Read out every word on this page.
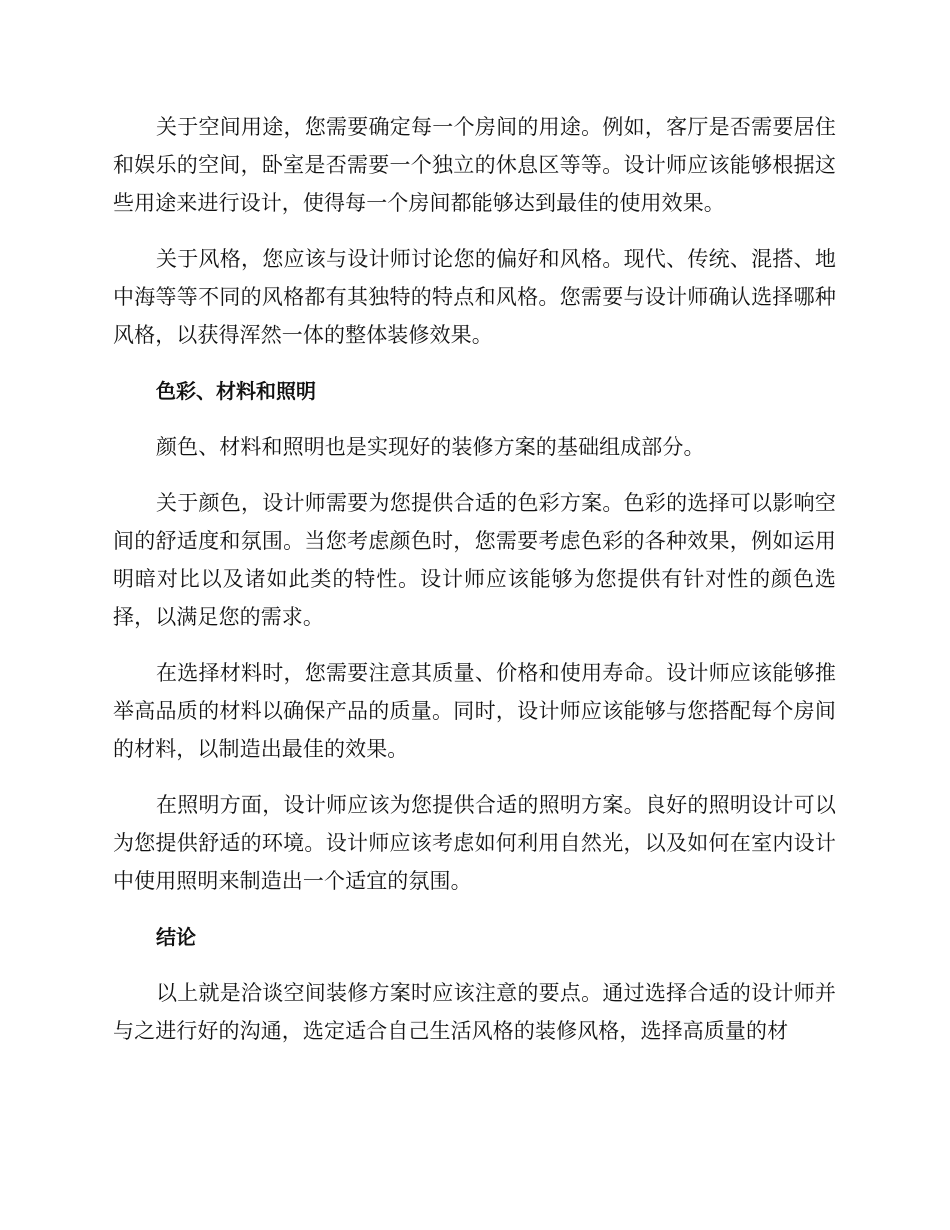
关于空间用途，您需要确定每一个房间的用途。例如，客厅是否需要居住和娱乐的空间，卧室是否需要一个独立的休息区等等。设计师应该能够根据这些用途来进行设计，使得每一个房间都能够达到最佳的使用效果。

关于风格，您应该与设计师讨论您的偏好和风格。现代、传统、混搭、地中海等等不同的风格都有其独特的特点和风格。您需要与设计师确认选择哪种风格，以获得浑然一体的整体装修效果。

色彩、材料和照明

颜色、材料和照明也是实现好的装修方案的基础组成部分。

关于颜色，设计师需要为您提供合适的色彩方案。色彩的选择可以影响空间的舒适度和氛围。当您考虑颜色时，您需要考虑色彩的各种效果，例如运用明暗对比以及诸如此类的特性。设计师应该能够为您提供有针对性的颜色选择，以满足您的需求。

在选择材料时，您需要注意其质量、价格和使用寿命。设计师应该能够推举高品质的材料以确保产品的质量。同时，设计师应该能够与您搭配每个房间的材料，以制造出最佳的效果。

在照明方面，设计师应该为您提供合适的照明方案。良好的照明设计可以为您提供舒适的环境。设计师应该考虑如何利用自然光，以及如何在室内设计中使用照明来制造出一个适宜的氛围。

结论

以上就是洽谈空间装修方案时应该注意的要点。通过选择合适的设计师并与之进行好的沟通，选定适合自己生活风格的装修风格，选择高质量的材
